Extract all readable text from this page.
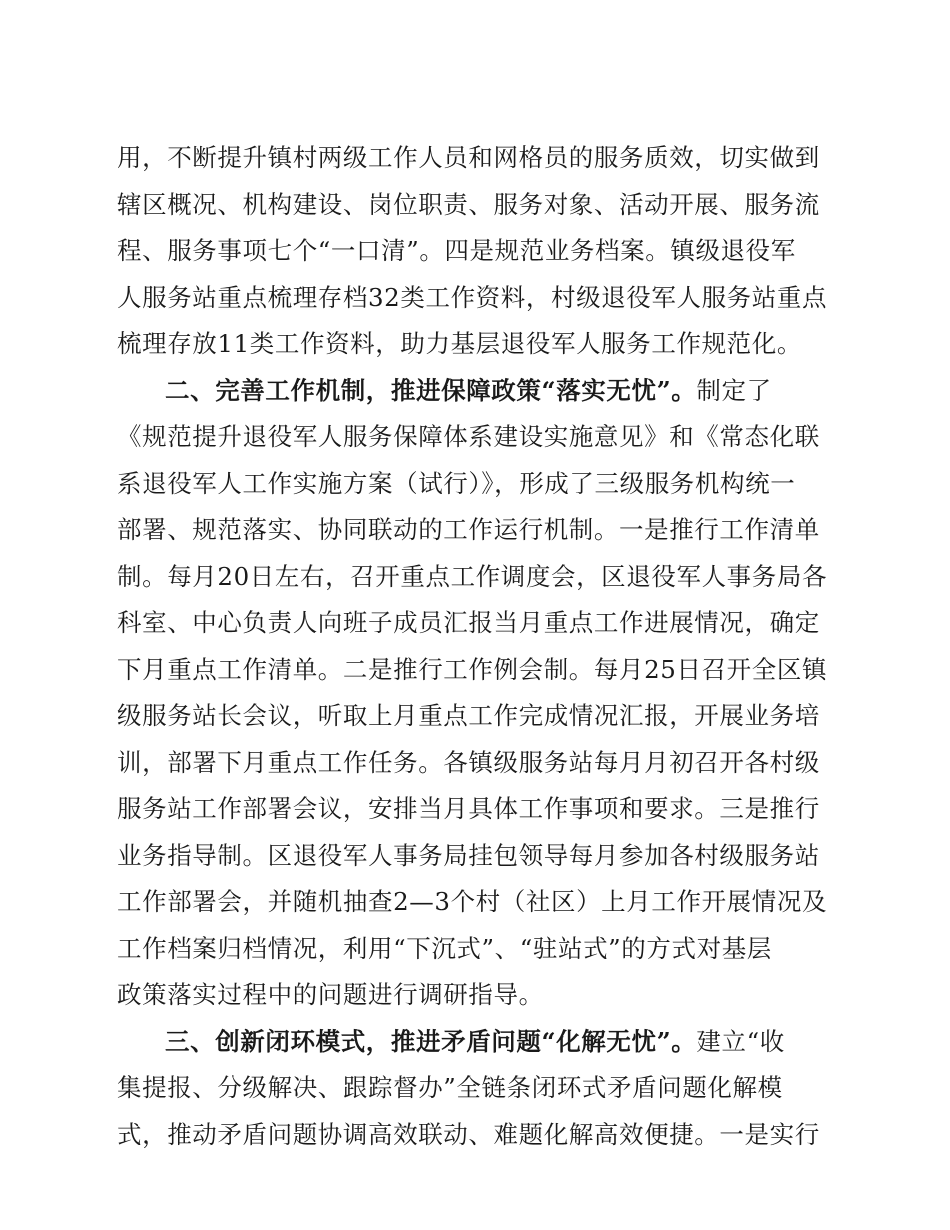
用，不断提升镇村两级工作人员和网格员的服务质效，切实做到
辖区概况、机构建设、岗位职责、服务对象、活动开展、服务流
程、服务事项七个“一口清”。四是规范业务档案。镇级退役军
人服务站重点梳理存档32类工作资料，村级退役军人服务站重点
梳理存放11类工作资料，助力基层退役军人服务工作规范化。
二、完善工作机制，推进保障政策“落实无忧”。制定了
《规范提升退役军人服务保障体系建设实施意见》和《常态化联
系退役军人工作实施方案（试行）》，形成了三级服务机构统一
部署、规范落实、协同联动的工作运行机制。一是推行工作清单
制。每月20日左右，召开重点工作调度会，区退役军人事务局各
科室、中心负责人向班子成员汇报当月重点工作进展情况，确定
下月重点工作清单。二是推行工作例会制。每月25日召开全区镇
级服务站长会议，听取上月重点工作完成情况汇报，开展业务培
训，部署下月重点工作任务。各镇级服务站每月月初召开各村级
服务站工作部署会议，安排当月具体工作事项和要求。三是推行
业务指导制。区退役军人事务局挂包领导每月参加各村级服务站
工作部署会，并随机抽查2—3个村（社区）上月工作开展情况及
工作档案归档情况，利用“下沉式”、“驻站式”的方式对基层
政策落实过程中的问题进行调研指导。
三、创新闭环模式，推进矛盾问题“化解无忧”。建立“收
集提报、分级解决、跟踪督办”全链条闭环式矛盾问题化解模
式，推动矛盾问题协调高效联动、难题化解高效便捷。一是实行
